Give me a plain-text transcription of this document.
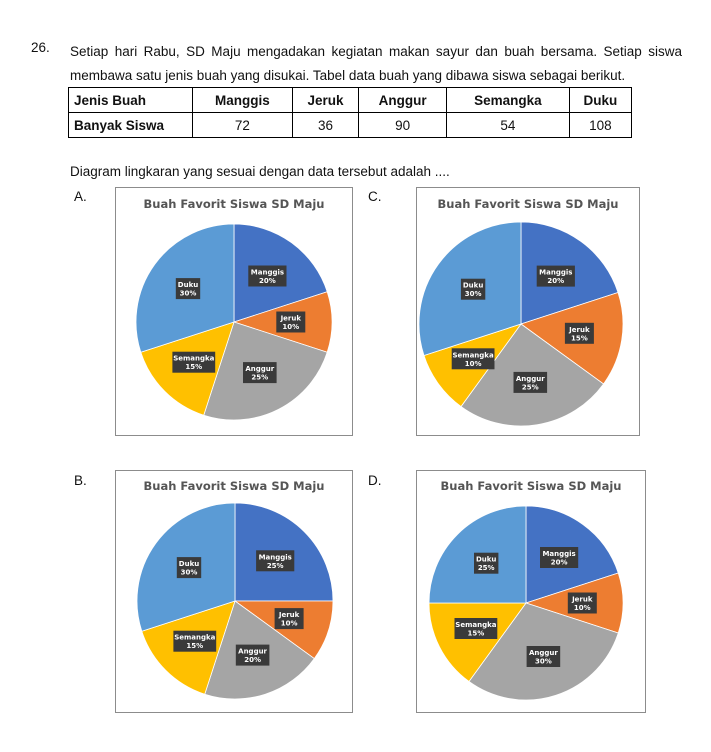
26. Setiap hari Rabu, SD Maju mengadakan kegiatan makan sayur dan buah bersama. Setiap siswa
membawa satu jenis buah yang disukai. Tabel data buah yang dibawa siswa sebagai berikut.
Jenis Buah	Manggis	Jeruk	Anggur	Semangka	Duku
Banyak Siswa	72	36	90	54	108
Diagram lingkaran yang sesuai dengan data tersebut adalah ....
A.	C.
B.	D.
Buah Favorit Siswa SD Maju
Manggis
20%
Jeruk
10%
Anggur
25%
Semangka
15%
Duku
30%
Buah Favorit Siswa SD Maju
Manggis
20%
Jeruk
15%
Anggur
25%
Semangka
10%
Duku
30%
Buah Favorit Siswa SD Maju
Manggis
25%
Jeruk
10%
Anggur
20%
Semangka
15%
Duku
30%
Buah Favorit Siswa SD Maju
Manggis
20%
Jeruk
10%
Anggur
30%
Semangka
15%
Duku
25%
